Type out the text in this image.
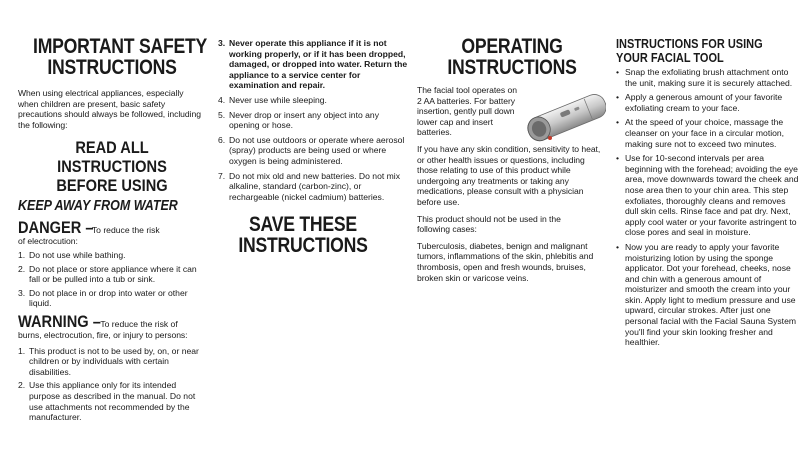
IMPORTANT SAFETY

INSTRUCTIONS

When using electrical appliances, especially when children are present, basic safety precautions should always be followed, including the following:

READ ALL

INSTRUCTIONS

BEFORE USING

KEEP AWAY FROM WATER

DANGER –To reduce the risk

of electrocution:

1. Do not use while bathing.
2. Do not place or store appliance where it can fall or be pulled into a tub or sink.
3. Do not place in or drop into water or other liquid.
WARNING –To reduce the risk of

burns, electrocution, fire, or injury to persons:

1. This product is not to be used by, on, or near children or by individuals with certain disabilities.
2. Use this appliance only for its intended purpose as described in the manual. Do not use attachments not recommended by the manufacturer.
3. Never operate this appliance if it is not working properly, or if it has been dropped, damaged, or dropped into water. Return the appliance to a service center for examination and repair.
4. Never use while sleeping.
5. Never drop or insert any object into any opening or hose.
6. Do not use outdoors or operate where aerosol (spray) products are being used or where oxygen is being administered.
7. Do not mix old and new batteries. Do not mix alkaline, standard (carbon-zinc), or rechargeable (nickel cadmium) batteries.

SAVE THESE

INSTRUCTIONS

OPERATING

INSTRUCTIONS

The facial tool operates on 2 AA batteries. For battery insertion, gently pull down lower cap and insert batteries.

If you have any skin condition, sensitivity to heat, or other health issues or questions, including those relating to use of this product while undergoing any treatments or taking any medications, please consult with a physician before use.

This product should not be used in the following cases:

Tuberculosis, diabetes, benign and malignant tumors, inflammations of the skin, phlebitis and thrombosis, open and fresh wounds, bruises, broken skin or varicose veins.

INSTRUCTIONS FOR USING

YOUR FACIAL TOOL

• Snap the exfoliating brush attachment onto the unit, making sure it is securely attached.
• Apply a generous amount of your favorite exfoliating cream to your face.
• At the speed of your choice, massage the cleanser on your face in a circular motion, making sure not to exceed two minutes.
• Use for 10-second intervals per area beginning with the forehead; avoiding the eye area, move downwards toward the cheek and nose area then to your chin area. This step exfoliates, thoroughly cleans and removes dull skin cells. Rinse face and pat dry. Next, apply cool water or your favorite astringent to close pores and seal in moisture.
• Now you are ready to apply your favorite moisturizing lotion by using the sponge applicator. Dot your forehead, cheeks, nose and chin with a generous amount of moisturizer and smooth the cream into your skin. Apply light to medium pressure and use upward, circular strokes. After just one personal facial with the Facial Sauna System you'll find your skin looking fresher and healthier.
